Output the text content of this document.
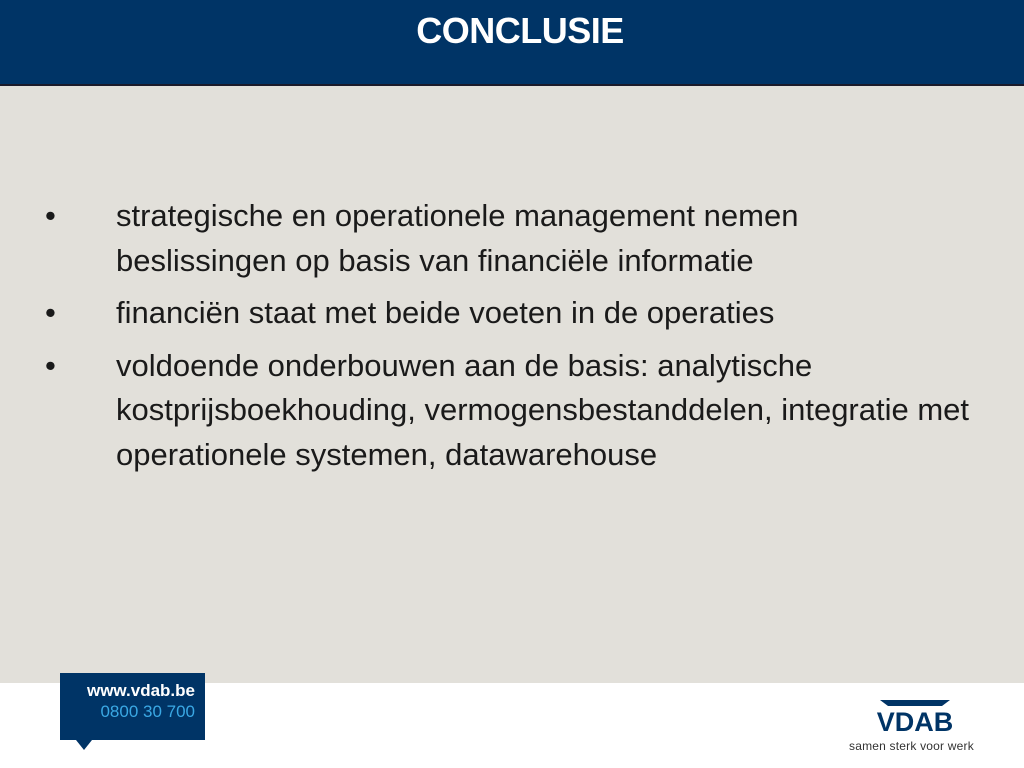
CONCLUSIE
• strategische en operationele management nemen beslissingen op basis van financiële informatie
• financiën staat met beide voeten in de operaties
• voldoende onderbouwen aan de basis: analytische kostprijsboekhouding, vermogensbestanddelen, integratie met operationele systemen, datawarehouse
www.vdab.be
0800 30 700	VDAB
samen sterk voor werk
